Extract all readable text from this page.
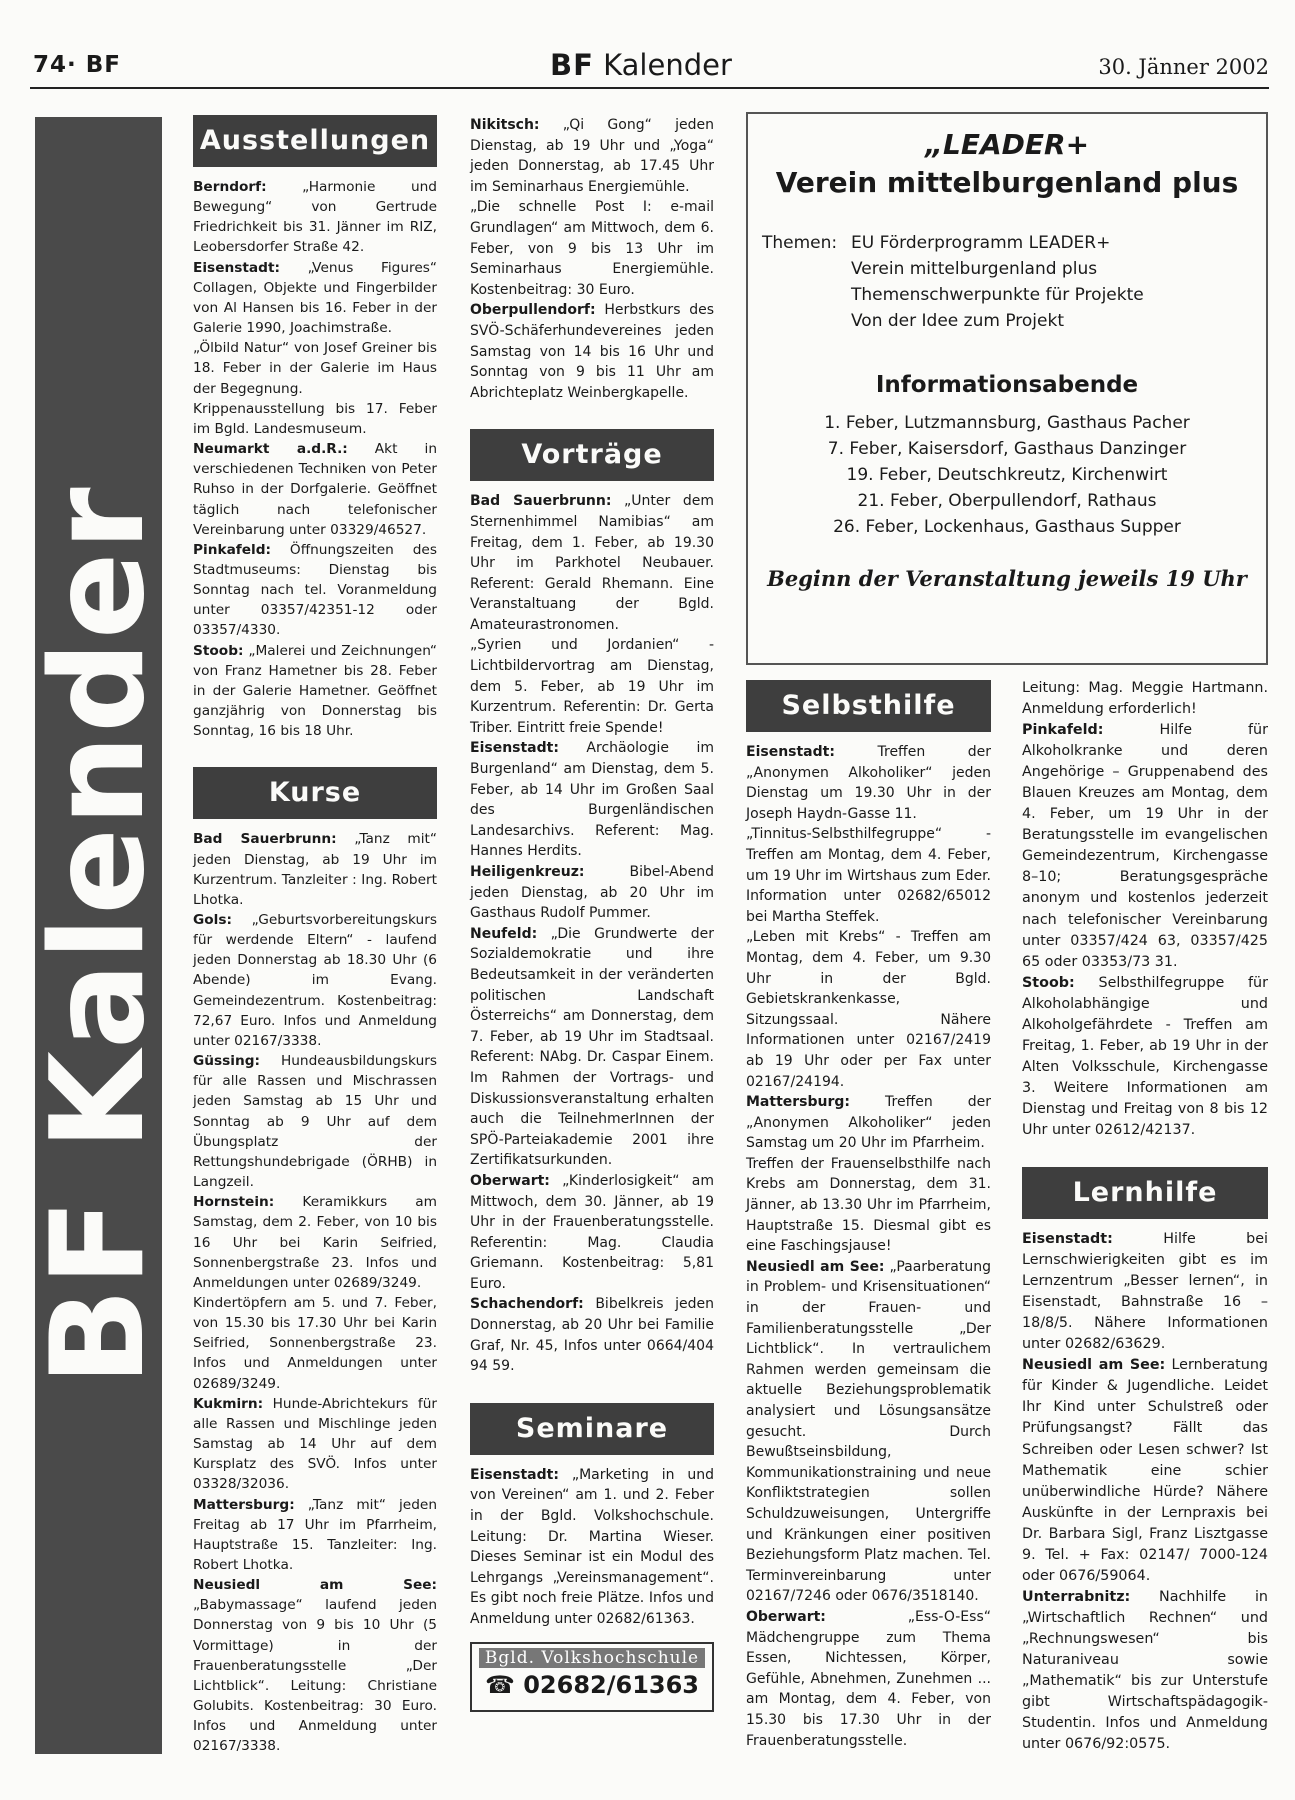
74· BF	BF Kalender	30. Jänner 2002
BF Kalender
Ausstellungen

Berndorf: „Harmonie und Bewegung“ von Gertrude Friedrichkeit bis 31. Jänner im RIZ, Leobersdorfer Straße 42.

Eisenstadt: „Venus Figures“ Collagen, Objekte und Fingerbilder von Al Hansen bis 16. Feber in der Galerie 1990, Joachimstraße.

„Ölbild Natur“ von Josef Greiner bis 18. Feber in der Galerie im Haus der Begegnung.

Krippenausstellung bis 17. Feber im Bgld. Landesmuseum.

Neumarkt a.d.R.: Akt in verschiedenen Techniken von Peter Ruhso in der Dorfgalerie. Geöffnet täglich nach telefonischer Vereinbarung unter 03329/46527.

Pinkafeld: Öffnungszeiten des Stadtmuseums: Dienstag bis Sonntag nach tel. Voranmeldung unter 03357/42351-12 oder 03357/4330.

Stoob: „Malerei und Zeichnungen“ von Franz Hametner bis 28. Feber in der Galerie Hametner. Geöffnet ganzjährig von Donnerstag bis Sonntag, 16 bis 18 Uhr.

Kurse

Bad Sauerbrunn: „Tanz mit“ jeden Dienstag, ab 19 Uhr im Kurzentrum. Tanzleiter : Ing. Robert Lhotka.

Gols: „Geburtsvorbereitungskurs für werdende Eltern“ - laufend jeden Donnerstag ab 18.30 Uhr (6 Abende) im Evang. Gemeindezentrum. Kostenbeitrag: 72,67 Euro. Infos und Anmeldung unter 02167/3338.

Güssing: Hundeausbildungskurs für alle Rassen und Mischrassen jeden Samstag ab 15 Uhr und Sonntag ab 9 Uhr auf dem Übungsplatz der Rettungshundebrigade (ÖRHB) in Langzeil.

Hornstein: Keramikkurs am Samstag, dem 2. Feber, von 10 bis 16 Uhr bei Karin Seifried, Sonnenbergstraße 23. Infos und Anmeldungen unter 02689/3249.

Kindertöpfern am 5. und 7. Feber, von 15.30 bis 17.30 Uhr bei Karin Seifried, Sonnenbergstraße 23. Infos und Anmeldungen unter 02689/3249.

Kukmirn: Hunde-Abrichtekurs für alle Rassen und Mischlinge jeden Samstag ab 14 Uhr auf dem Kursplatz des SVÖ. Infos unter 03328/32036.

Mattersburg: „Tanz mit“ jeden Freitag ab 17 Uhr im Pfarrheim, Hauptstraße 15. Tanzleiter: Ing. Robert Lhotka.

Neusiedl am See: „Babymassage“ laufend jeden Donnerstag von 9 bis 10 Uhr (5 Vormittage) in der Frauenberatungsstelle „Der Lichtblick“. Leitung: Christiane Golubits. Kostenbeitrag: 30 Euro. Infos und Anmeldung unter 02167/3338.

Nikitsch: „Qi Gong“ jeden Dienstag, ab 19 Uhr und „Yoga“ jeden Donnerstag, ab 17.45 Uhr im Seminarhaus Energiemühle.

„Die schnelle Post I: e-mail Grundlagen“ am Mittwoch, dem 6. Feber, von 9 bis 13 Uhr im Seminarhaus Energiemühle. Kostenbeitrag: 30 Euro.

Oberpullendorf: Herbstkurs des SVÖ-Schäferhundevereines jeden Samstag von 14 bis 16 Uhr und Sonntag von 9 bis 11 Uhr am Abrichteplatz Weinbergkapelle.

Vorträge

Bad Sauerbrunn: „Unter dem Sternenhimmel Namibias“ am Freitag, dem 1. Feber, ab 19.30 Uhr im Parkhotel Neubauer. Referent: Gerald Rhemann. Eine Veranstaltuang der Bgld. Amateurastronomen.

„Syrien und Jordanien“ - Lichtbildervortrag am Dienstag, dem 5. Feber, ab 19 Uhr im Kurzentrum. Referentin: Dr. Gerta Triber. Eintritt freie Spende!

Eisenstadt: Archäologie im Burgenland“ am Dienstag, dem 5. Feber, ab 14 Uhr im Großen Saal des Burgenländischen Landesarchivs. Referent: Mag. Hannes Herdits.

Heiligenkreuz: Bibel-Abend jeden Dienstag, ab 20 Uhr im Gasthaus Rudolf Pummer.

Neufeld: „Die Grundwerte der Sozialdemokratie und ihre Bedeutsamkeit in der veränderten politischen Landschaft Österreichs“ am Donnerstag, dem 7. Feber, ab 19 Uhr im Stadtsaal. Referent: NAbg. Dr. Caspar Einem. Im Rahmen der Vortrags- und Diskussionsveranstaltung erhalten auch die TeilnehmerInnen der SPÖ-Parteiakademie 2001 ihre Zertifikatsurkunden.

Oberwart: „Kinderlosigkeit“ am Mittwoch, dem 30. Jänner, ab 19 Uhr in der Frauenberatungsstelle. Referentin: Mag. Claudia Griemann. Kostenbeitrag: 5,81 Euro.

Schachendorf: Bibelkreis jeden Donnerstag, ab 20 Uhr bei Familie Graf, Nr. 45, Infos unter 0664/404 94 59.

Seminare

Eisenstadt: „Marketing in und von Vereinen“ am 1. und 2. Feber in der Bgld. Volkshochschule. Leitung: Dr. Martina Wieser. Dieses Seminar ist ein Modul des Lehrgangs „Vereinsmanagement“. Es gibt noch freie Plätze. Infos und Anmeldung unter 02682/61363.

Bgld. Volkshochschule
☎ 02682/61363
„LEADER+
Verein mittelburgenland plus
Themen: EU Förderprogramm LEADER+
Verein mittelburgenland plus
Themenschwerpunkte für Projekte
Von der Idee zum Projekt
Informationsabende
1. Feber, Lutzmannsburg, Gasthaus Pacher
7. Feber, Kaisersdorf, Gasthaus Danzinger
19. Feber, Deutschkreutz, Kirchenwirt
21. Feber, Oberpullendorf, Rathaus
26. Feber, Lockenhaus, Gasthaus Supper
Beginn der Veranstaltung jeweils 19 Uhr
Selbsthilfe

Eisenstadt: Treffen der „Anonymen Alkoholiker“ jeden Dienstag um 19.30 Uhr in der Joseph Haydn-Gasse 11.

„Tinnitus-Selbsthilfegruppe“ - Treffen am Montag, dem 4. Feber, um 19 Uhr im Wirtshaus zum Eder. Information unter 02682/65012 bei Martha Steffek.

„Leben mit Krebs“ - Treffen am Montag, dem 4. Feber, um 9.30 Uhr in der Bgld. Gebietskrankenkasse, Sitzungssaal. Nähere Informationen unter 02167/2419 ab 19 Uhr oder per Fax unter 02167/24194.

Mattersburg: Treffen der „Anonymen Alkoholiker“ jeden Samstag um 20 Uhr im Pfarrheim.

Treffen der Frauenselbsthilfe nach Krebs am Donnerstag, dem 31. Jänner, ab 13.30 Uhr im Pfarrheim, Hauptstraße 15. Diesmal gibt es eine Faschingsjause!

Neusiedl am See: „Paarberatung in Problem- und Krisensituationen“ in der Frauen- und Familienberatungsstelle „Der Lichtblick“. In vertraulichem Rahmen werden gemeinsam die aktuelle Beziehungsproblematik analysiert und Lösungsansätze gesucht. Durch Bewußtseinsbildung, Kommunikationstraining und neue Konfliktstrategien sollen Schuldzuweisungen, Untergriffe und Kränkungen einer positiven Beziehungsform Platz machen. Tel. Terminvereinbarung unter 02167/7246 oder 0676/3518140.

Oberwart: „Ess-O-Ess“ Mädchengruppe zum Thema Essen, Nichtessen, Körper, Gefühle, Abnehmen, Zunehmen ... am Montag, dem 4. Feber, von 15.30 bis 17.30 Uhr in der Frauenberatungsstelle.

Leitung: Mag. Meggie Hartmann. Anmeldung erforderlich!

Pinkafeld: Hilfe für Alkoholkranke und deren Angehörige – Gruppenabend des Blauen Kreuzes am Montag, dem 4. Feber, um 19 Uhr in der Beratungsstelle im evangelischen Gemeindezentrum, Kirchengasse 8–10; Beratungsgespräche anonym und kostenlos jederzeit nach telefonischer Vereinbarung unter 03357/424 63, 03357/425 65 oder 03353/73 31.

Stoob: Selbsthilfegruppe für Alkoholabhängige und Alkoholgefährdete - Treffen am Freitag, 1. Feber, ab 19 Uhr in der Alten Volksschule, Kirchengasse 3. Weitere Informationen am Dienstag und Freitag von 8 bis 12 Uhr unter 02612/42137.

Lernhilfe

Eisenstadt: Hilfe bei Lernschwierigkeiten gibt es im Lernzentrum „Besser lernen“, in Eisenstadt, Bahnstraße 16 – 18/8/5. Nähere Informationen unter 02682/63629.

Neusiedl am See: Lernberatung für Kinder & Jugendliche. Leidet Ihr Kind unter Schulstreß oder Prüfungsangst? Fällt das Schreiben oder Lesen schwer? Ist Mathematik eine schier unüberwindliche Hürde? Nähere Auskünfte in der Lernpraxis bei Dr. Barbara Sigl, Franz Lisztgasse 9. Tel. + Fax: 02147/ 7000-124 oder 0676/59064.

Unterrabnitz: Nachhilfe in „Wirtschaftlich Rechnen“ und „Rechnungswesen“ bis Naturaniveau sowie „Mathematik“ bis zur Unterstufe gibt Wirtschaftspädagogik-Studentin. Infos und Anmeldung unter 0676/92:0575.
